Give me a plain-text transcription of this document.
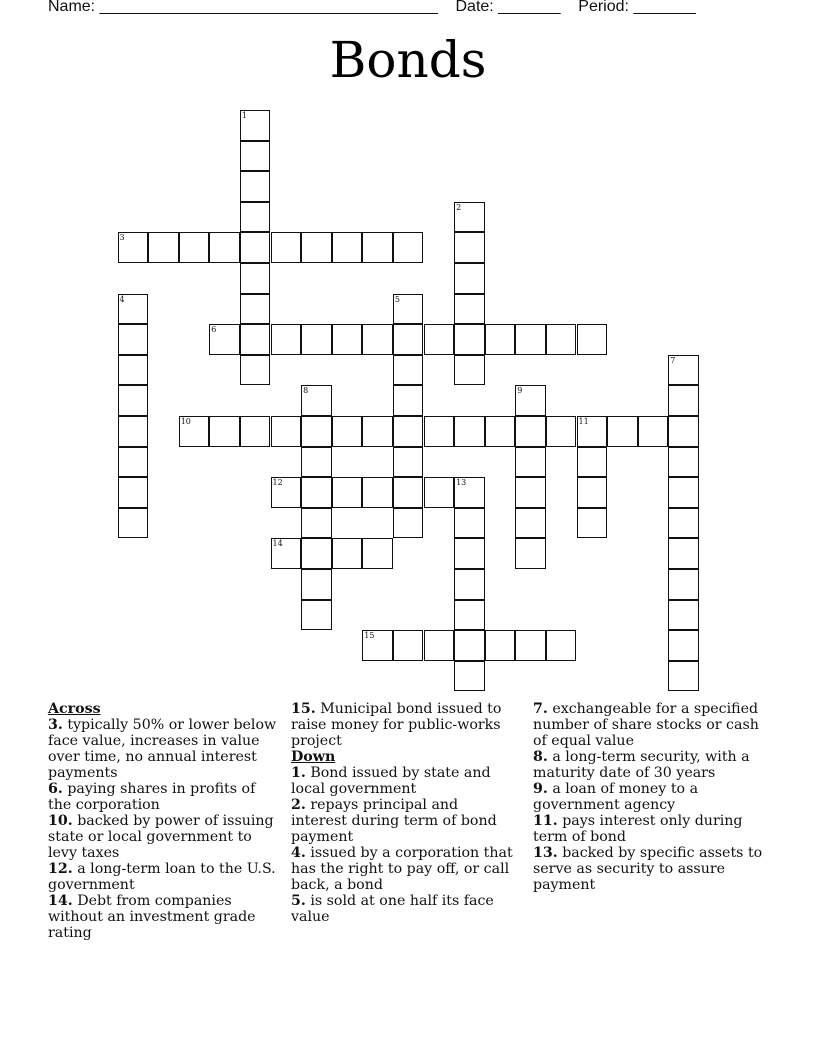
Name: ______________________________________ Date: _______ Period: _______
Bonds
1
2
3
4	5
6
7
8	9
10	11
12	13
14
15
Across
3. typically 50% or lower below face value, increases in value over time, no annual interest payments
6. paying shares in profits of the corporation
10. backed by power of issuing state or local government to levy taxes
12. a long-term loan to the U.S. government
14. Debt from companies without an investment grade rating
15. Municipal bond issued to raise money for public-works project
Down
1. Bond issued by state and local government
2. repays principal and interest during term of bond payment
4. issued by a corporation that has the right to pay off, or call back, a bond
5. is sold at one half its face value
7. exchangeable for a specified number of share stocks or cash of equal value
8. a long-term security, with a maturity date of 30 years
9. a loan of money to a government agency
11. pays interest only during term of bond
13. backed by specific assets to serve as security to assure payment
